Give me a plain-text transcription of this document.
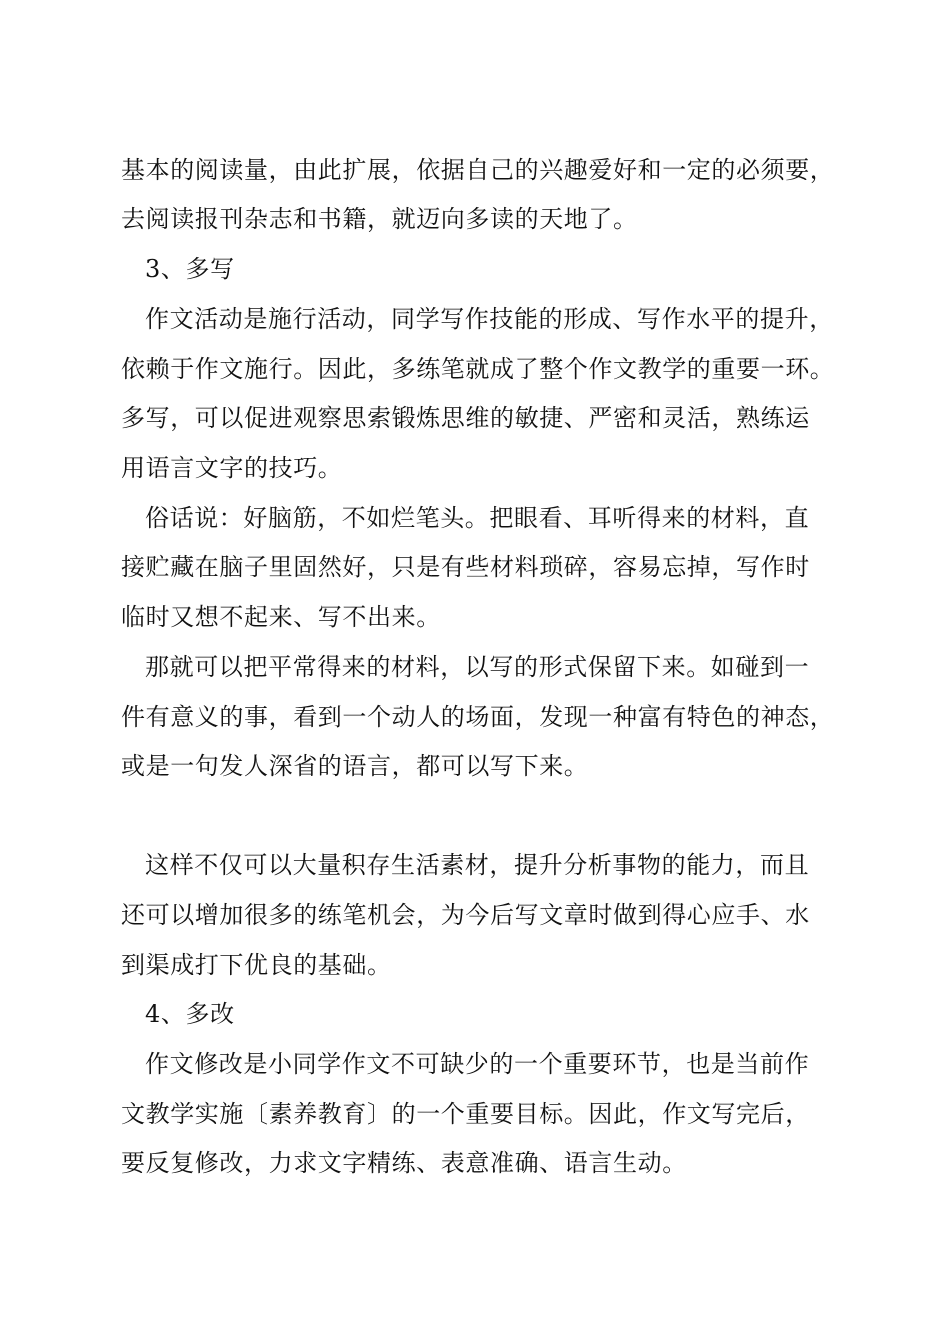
基本的阅读量，由此扩展，依据自己的兴趣爱好和一定的必须要，
去阅读报刊杂志和书籍，就迈向多读的天地了。
3、多写
作文活动是施行活动，同学写作技能的形成、写作水平的提升，
依赖于作文施行。因此，多练笔就成了整个作文教学的重要一环。
多写，可以促进观察思索锻炼思维的敏捷、严密和灵活，熟练运
用语言文字的技巧。
俗话说：好脑筋，不如烂笔头。把眼看、耳听得来的材料，直
接贮藏在脑子里固然好，只是有些材料琐碎，容易忘掉，写作时
临时又想不起来、写不出来。
那就可以把平常得来的材料，以写的形式保留下来。如碰到一
件有意义的事，看到一个动人的场面，发现一种富有特色的神态，
或是一句发人深省的语言，都可以写下来。
这样不仅可以大量积存生活素材，提升分析事物的能力，而且
还可以增加很多的练笔机会，为今后写文章时做到得心应手、水
到渠成打下优良的基础。
4、多改
作文修改是小同学作文不可缺少的一个重要环节，也是当前作
文教学实施〔素养教育〕的一个重要目标。因此，作文写完后，
要反复修改，力求文字精练、表意准确、语言生动。
